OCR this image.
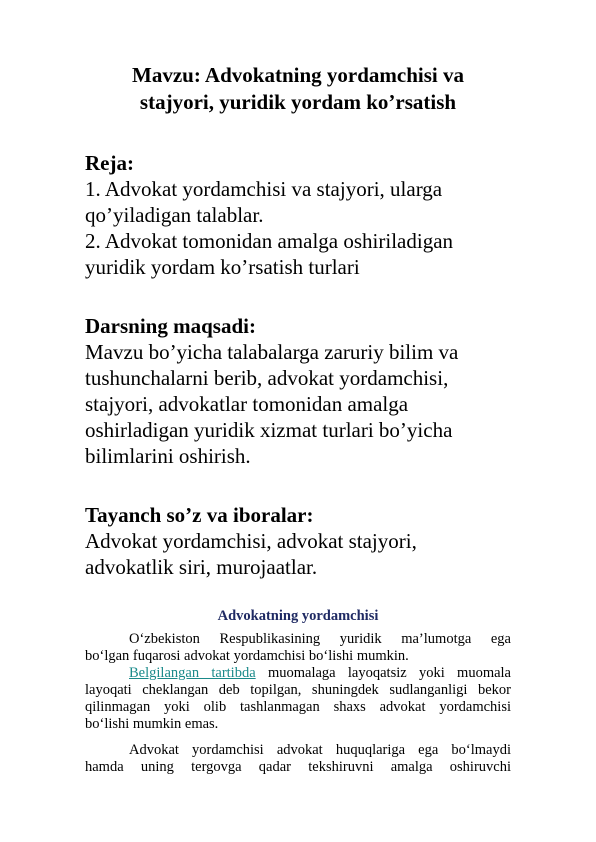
Mavzu: Advokatning yordamchisi va
stajyori, yuridik yordam ko’rsatish
Reja:
1. Advokat yordamchisi va stajyori, ularga
qo’yiladigan talablar.
2. Advokat tomonidan amalga oshiriladigan
yuridik yordam ko’rsatish turlari
Darsning maqsadi:
Mavzu bo’yicha talabalarga zaruriy bilim va
tushunchalarni berib, advokat yordamchisi,
stajyori, advokatlar tomonidan amalga
oshirladigan yuridik xizmat turlari bo’yicha
bilimlarini oshirish.
Tayanch so’z va iboralar:
Advokat yordamchisi, advokat stajyori,
advokatlik siri, murojaatlar.
Advokatning yordamchisi
O‘zbekiston Respublikasining yuridik ma’lumotga ega
bo‘lgan fuqarosi advokat yordamchisi bo‘lishi mumkin.
Belgilangan tartibda muomalaga layoqatsiz yoki muomala
layoqati cheklangan deb topilgan, shuningdek sudlanganligi bekor
qilinmagan yoki olib tashlanmagan shaxs advokat yordamchisi
bo‘lishi mumkin emas.
Advokat yordamchisi advokat huquqlariga ega bo‘lmaydi
hamda uning tergovga qadar tekshiruvni amalga oshiruvchi
